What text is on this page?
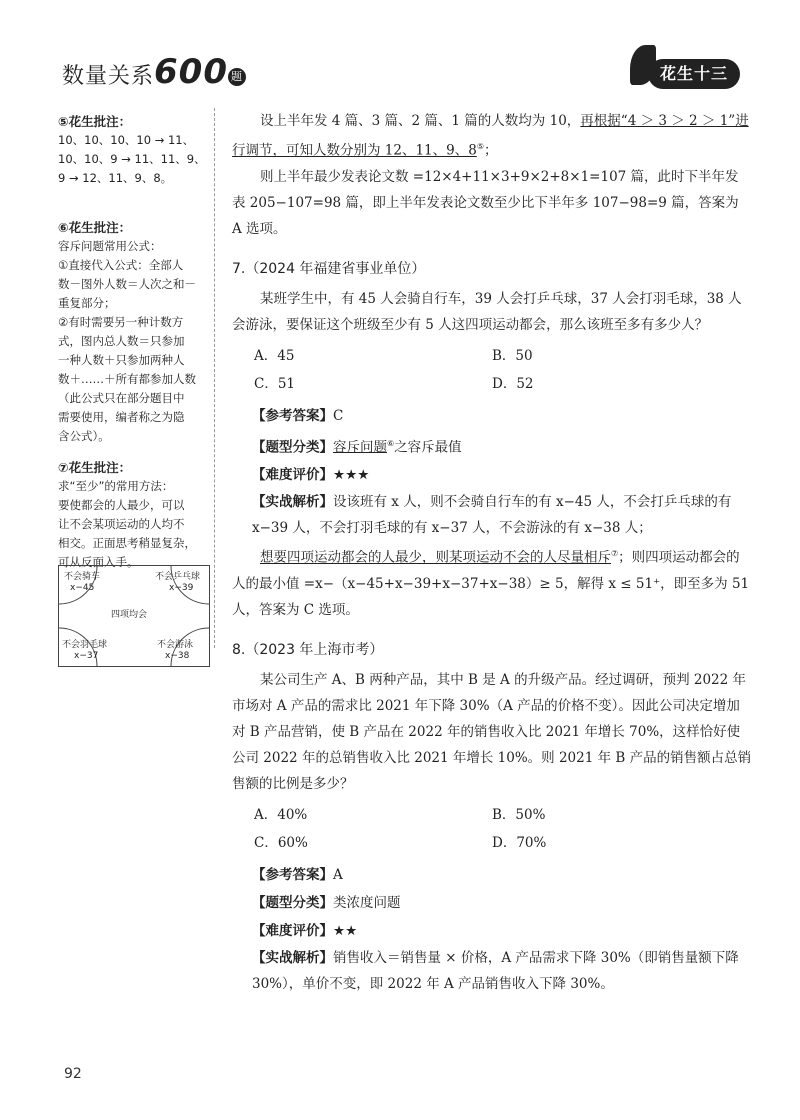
数量关系600 题	花生十三
⑤花生批注：
10、10、10、10 → 11、
10、10、9 → 11、11、9、
9 → 12、11、9、8。
⑥花生批注：
容斥问题常用公式：
①直接代入公式：全部人
数－图外人数＝人次之和－
重复部分；
②有时需要另一种计数方
式，图内总人数＝只参加
一种人数＋只参加两种人
数＋……＋所有都参加人数
（此公式只在部分题目中
需要使用，编者称之为隐
含公式）。
⑦花生批注：
求“至少”的常用方法：
要使都会的人最少，可以
让不会某项运动的人均不
相交。正面思考稍显复杂，
可从反面入手。
不会骑车
x−45
不会乒乓球
x−39
四项均会
不会羽毛球
x−37
不会游泳
x−38

设上半年发 4 篇、3 篇、2 篇、1 篇的人数均为 10，再根据“4 ＞ 3 ＞ 2 ＞ 1”进行调节，可知人数分别为 12、11、9、8⑤；

则上半年最少发表论文数 =12×4+11×3+9×2+8×1=107 篇，此时下半年发表 205−107=98 篇，即上半年发表论文数至少比下半年多 107−98=9 篇，答案为 A 选项。

7.（2024 年福建省事业单位）

某班学生中，有 45 人会骑自行车，39 人会打乒乓球，37 人会打羽毛球，38 人会游泳，要保证这个班级至少有 5 人这四项运动都会，那么该班至多有多少人？

A．45	B．50
C．51	D．52
【参考答案】C
【题型分类】容斥问题⑥之容斥最值
【难度评价】★★★

【实战解析】设该班有 x 人，则不会骑自行车的有 x−45 人，不会打乒乓球的有 x−39 人，不会打羽毛球的有 x−37 人，不会游泳的有 x−38 人；

想要四项运动都会的人最少，则某项运动不会的人尽量相斥⑦；则四项运动都会的人的最小值 =x−（x−45+x−39+x−37+x−38）≥ 5，解得 x ≤ 51⁺，即至多为 51 人，答案为 C 选项。

8.（2023 年上海市考）

某公司生产 A、B 两种产品，其中 B 是 A 的升级产品。经过调研，预判 2022 年市场对 A 产品的需求比 2021 年下降 30%（A 产品的价格不变）。因此公司决定增加对 B 产品营销，使 B 产品在 2022 年的销售收入比 2021 年增长 70%，这样恰好使公司 2022 年的总销售收入比 2021 年增长 10%。则 2021 年 B 产品的销售额占总销售额的比例是多少？

A．40%	B．50%
C．60%	D．70%
【参考答案】A
【题型分类】类浓度问题
【难度评价】★★

【实战解析】销售收入＝销售量 × 价格，A 产品需求下降 30%（即销售量额下降 30%），单价不变，即 2022 年 A 产品销售收入下降 30%。

92
